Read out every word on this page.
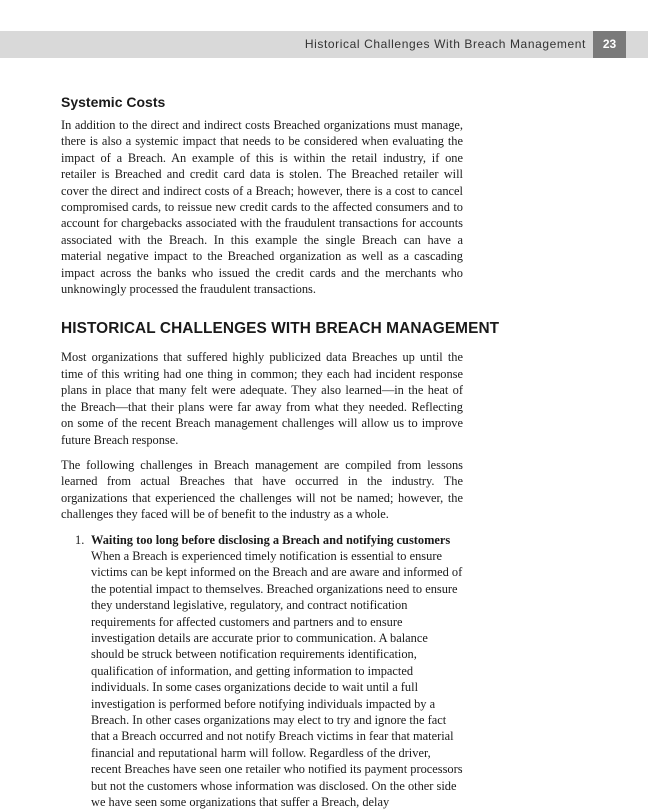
Historical Challenges With Breach Management	23
Systemic Costs

In addition to the direct and indirect costs Breached organizations must manage, there is also a systemic impact that needs to be considered when evaluating the impact of a Breach. An example of this is within the retail industry, if one retailer is Breached and credit card data is stolen. The Breached retailer will cover the direct and indirect costs of a Breach; however, there is a cost to cancel compromised cards, to reissue new credit cards to the affected consumers and to account for chargebacks associated with the fraudulent transactions for accounts associated with the Breach. In this example the single Breach can have a material negative impact to the Breached organization as well as a cascading impact across the banks who issued the credit cards and the merchants who unknowingly processed the fraudulent transactions.

HISTORICAL CHALLENGES WITH BREACH MANAGEMENT

Most organizations that suffered highly publicized data Breaches up until the time of this writing had one thing in common; they each had incident response plans in place that many felt were adequate. They also learned—in the heat of the Breach—that their plans were far away from what they needed. Reflecting on some of the recent Breach management challenges will allow us to improve future Breach response.

The following challenges in Breach management are compiled from lessons learned from actual Breaches that have occurred in the industry. The organizations that experienced the challenges will not be named; however, the challenges they faced will be of benefit to the industry as a whole.

1. Waiting too long before disclosing a Breach and notifying customers

When a Breach is experienced timely notification is essential to ensure victims can be kept informed on the Breach and are aware and informed of the potential impact to themselves. Breached organizations need to ensure they understand legislative, regulatory, and contract notification requirements for affected customers and partners and to ensure investigation details are accurate prior to communication. A balance should be struck between notification requirements identification, qualification of information, and getting information to impacted individuals. In some cases organizations decide to wait until a full investigation is performed before notifying individuals impacted by a Breach. In other cases organizations may elect to try and ignore the fact that a Breach occurred and not notify Breach victims in fear that material financial and reputational harm will follow. Regardless of the driver, recent Breaches have seen one retailer who notified its payment processors but not the customers whose information was disclosed. On the other side we have seen some organizations that suffer a Breach, delay
